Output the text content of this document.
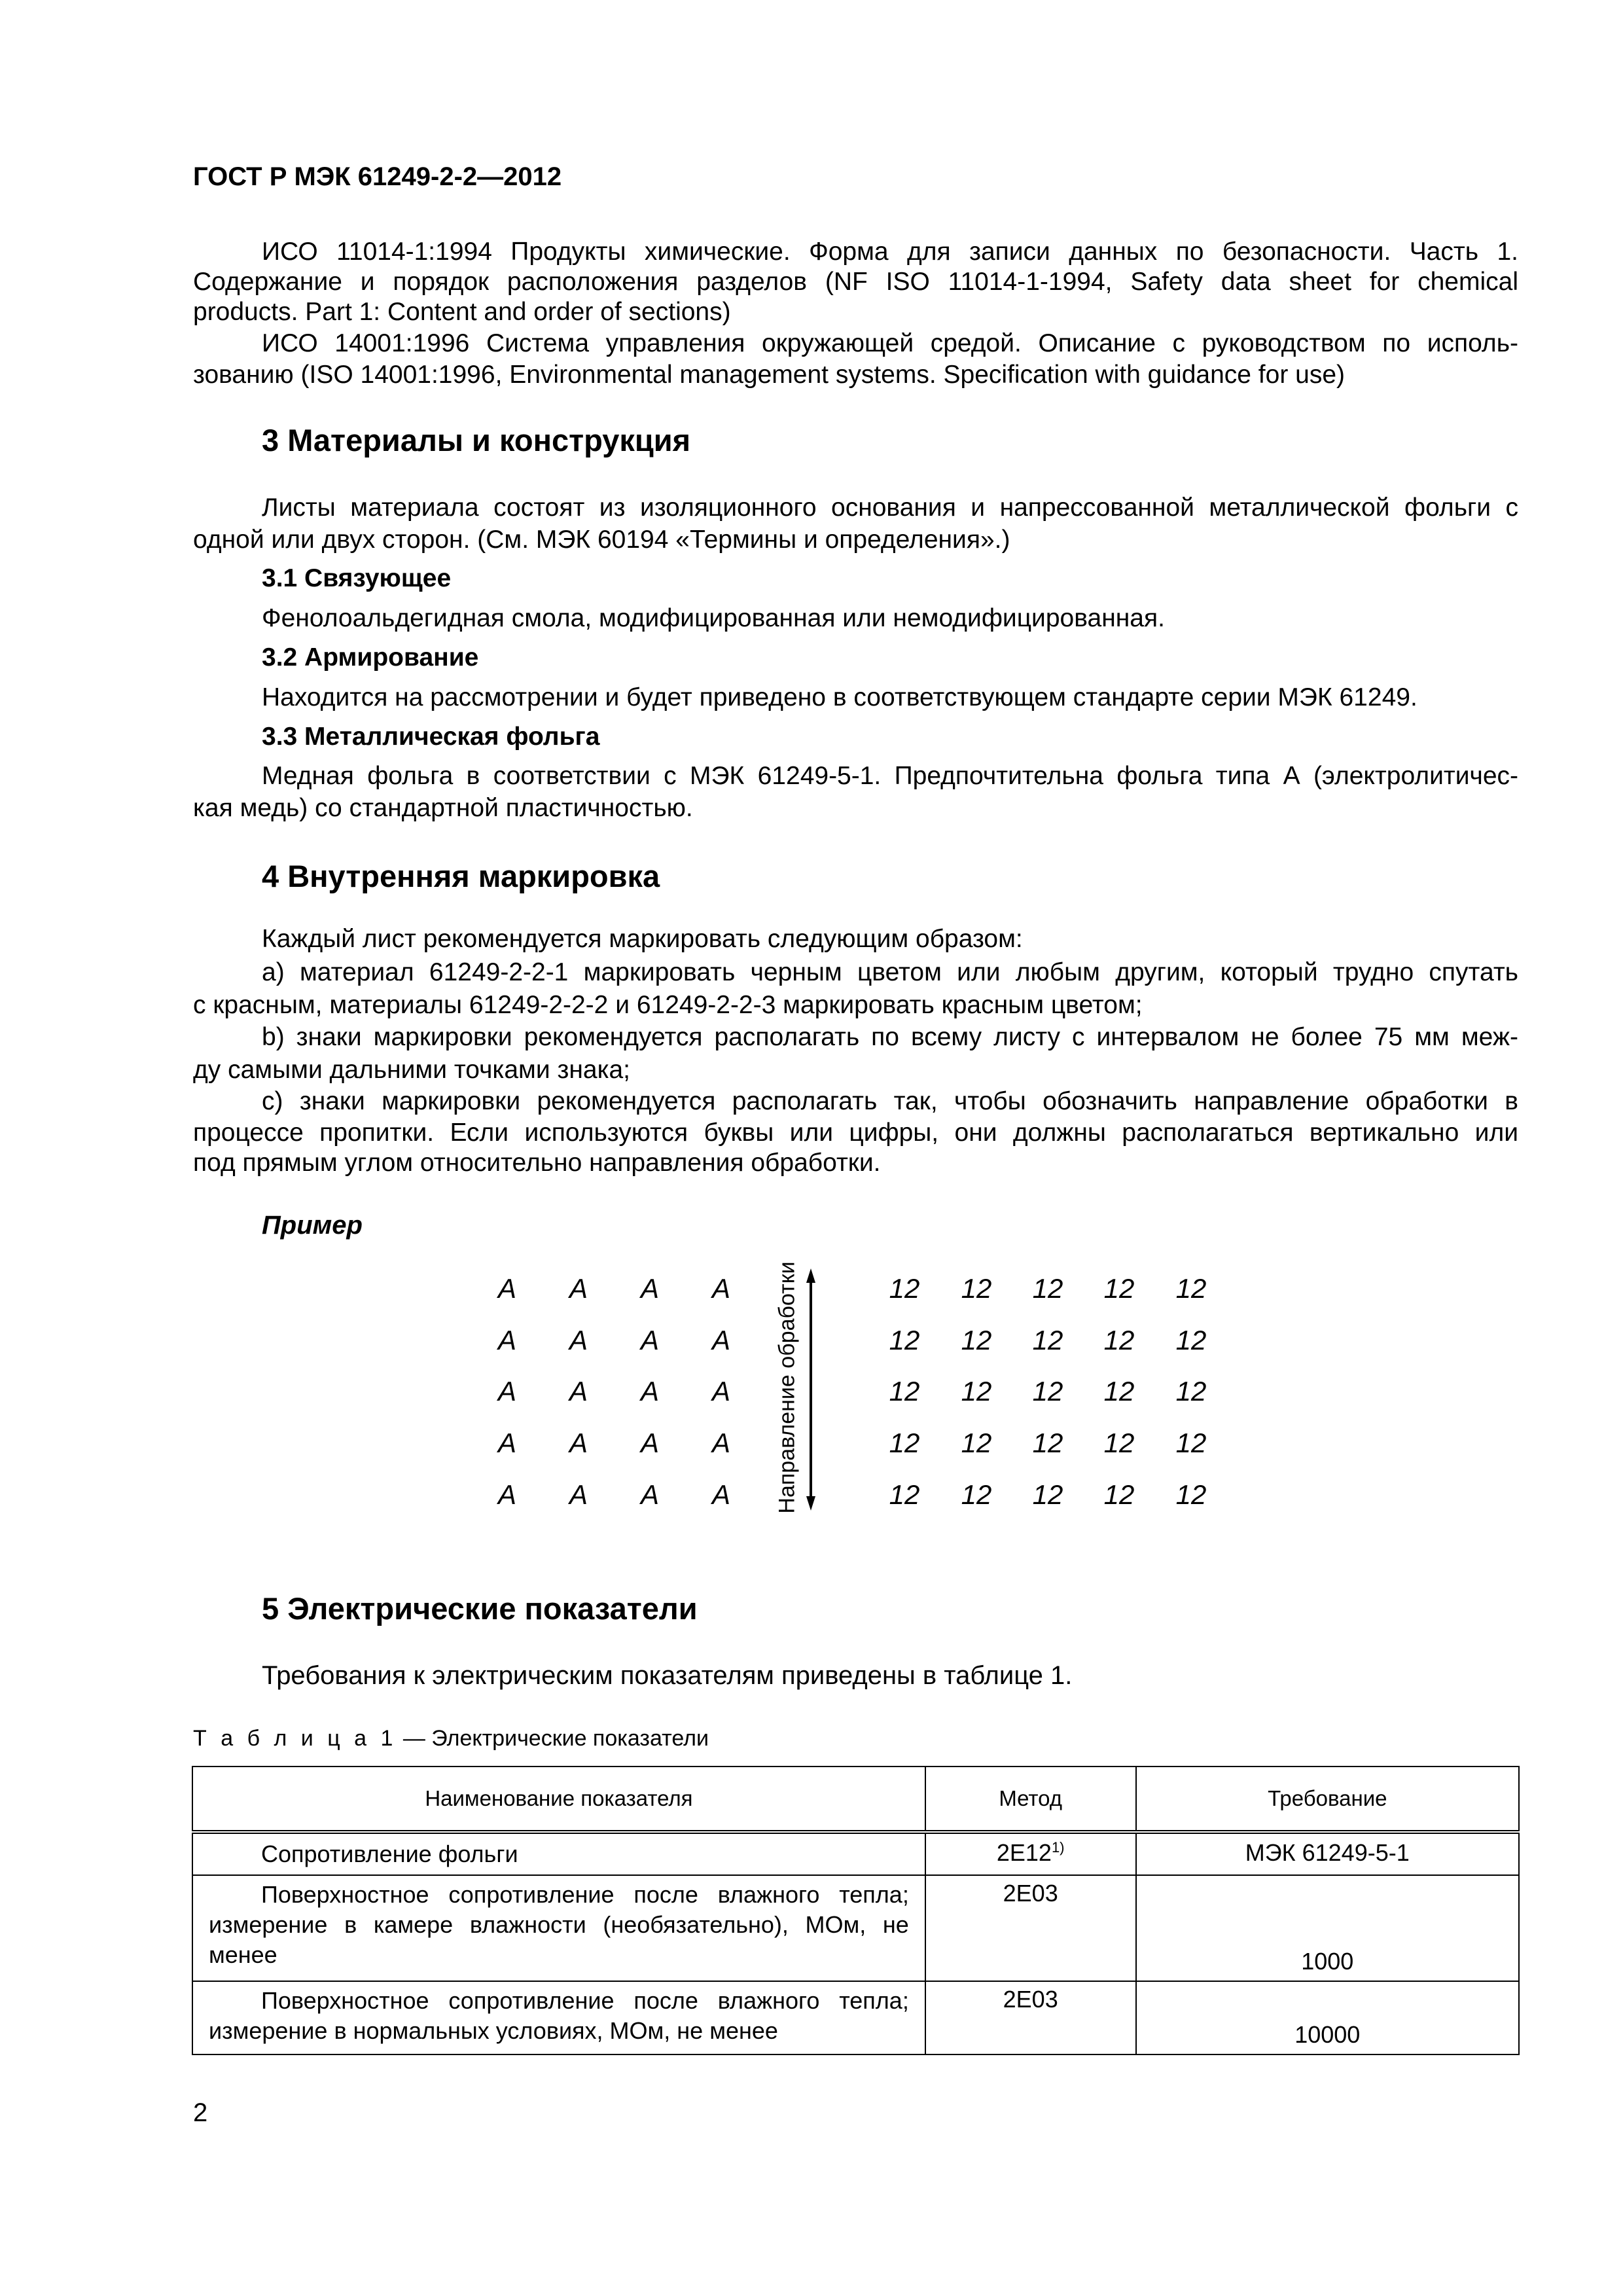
ГОСТ Р МЭК 61249-2-2—2012
ИСО 11014-1:1994 Продукты химические. Форма для записи данных по безопасности. Часть 1.
Содержание и порядок расположения разделов (NF ISO 11014-1-1994, Safety data sheet for chemical
products. Part 1: Content and order of sections)
ИСО 14001:1996 Система управления окружающей средой. Описание с руководством по исполь-
зованию (ISO 14001:1996, Environmental management systems. Specification with guidance for use)
3 Материалы и конструкция
Листы материала состоят из изоляционного основания и напрессованной металлической фольги с
одной или двух сторон. (См. МЭК 60194 «Термины и определения».)
3.1 Связующее
Фенолоальдегидная смола, модифицированная или немодифицированная.
3.2 Армирование
Находится на рассмотрении и будет приведено в соответствующем стандарте серии МЭК 61249.
3.3 Металлическая фольга
Медная фольга в соответствии с МЭК 61249-5-1. Предпочтительна фольга типа А (электролитичес-
кая медь) со стандартной пластичностью.
4 Внутренняя маркировка
Каждый лист рекомендуется маркировать следующим образом:
a) материал 61249-2-2-1 маркировать черным цветом или любым другим, который трудно спутать
с красным, материалы 61249-2-2-2 и 61249-2-2-3 маркировать красным цветом;
b) знаки маркировки рекомендуется располагать по всему листу с интервалом не более 75 мм меж-
ду самыми дальними точками знака;
c) знаки маркировки рекомендуется располагать так, чтобы обозначить направление обработки в
процессе пропитки. Если используются буквы или цифры, они должны располагаться вертикально или
под прямым углом относительно направления обработки.
Пример
A	A	A	A	12	12	12	12	12
A	A	A	A	12	12	12	12	12
A	A	A	A	12	12	12	12	12
A	A	A	A	12	12	12	12	12
A	A	A	A	12	12	12	12	12
Направление обработки
5 Электрические показатели
Требования к электрическим показателям приведены в таблице 1.
Т а б л и ц а 1 — Электрические показатели
Наименование показателя	Метод	Требование
Сопротивление фольги	2E12$^{1)}$	МЭК 61249-5-1
Поверхностное сопротивление после влажного тепла; измерение в камере влажности (необязательно), МОм, не менее	2E03	1000
Поверхностное сопротивление после влажного тепла; измерение в нормальных условиях, МОм, не менее	2E03	10000
2
